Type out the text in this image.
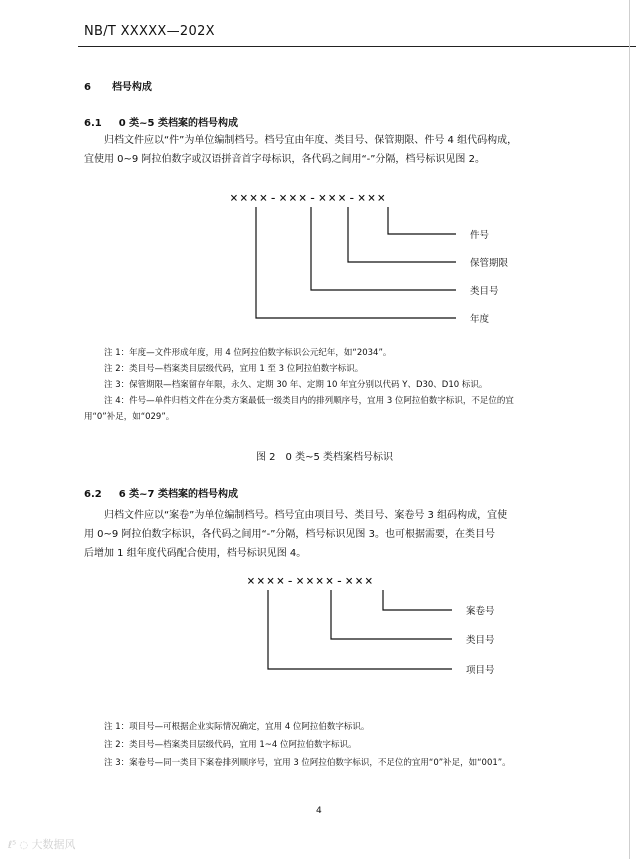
NB/T XXXXX—202X
6 档号构成
6.1 0 类~5 类档案的档号构成
归档文件应以“件”为单位编制档号。档号宜由年度、类目号、保管期限、件号 4 组代码构成，
宜使用 0~9 阿拉伯数字或汉语拼音首字母标识，各代码之间用“-”分隔，档号标识见图 2。
××××-×××-×××-×××
件号
保管期限
类目号
年度
注 1：年度—文件形成年度，用 4 位阿拉伯数字标识公元纪年，如“2034”。
注 2：类目号—档案类目层级代码，宜用 1 至 3 位阿拉伯数字标识。
注 3：保管期限—档案留存年限，永久、定期 30 年、定期 10 年宜分别以代码 Y、D30、D10 标识。
注 4：件号—单件归档文件在分类方案最低一级类目内的排列顺序号，宜用 3 位阿拉伯数字标识，不足位的宜
用“0”补足，如“029”。
图 2　0 类~5 类档案档号标识
6.2 6 类~7 类档案的档号构成
归档文件应以“案卷”为单位编制档号。档号宜由项目号、类目号、案卷号 3 组码构成，宜使
用 0~9 阿拉伯数字标识，各代码之间用“-”分隔，档号标识见图 3。也可根据需要，在类目号
后增加 1 组年度代码配合使用，档号标识见图 4。
××××-××××-×××
案卷号
类目号
项目号
注 1：项目号—可根据企业实际情况确定，宜用 4 位阿拉伯数字标识。
注 2：类目号—档案类目层级代码，宜用 1~4 位阿拉伯数字标识。
注 3：案卷号—同一类目下案卷排列顺序号，宜用 3 位阿拉伯数字标识，不足位的宜用“0”补足，如“001”。
4
ℓ⁵ ◌ 大数据风
